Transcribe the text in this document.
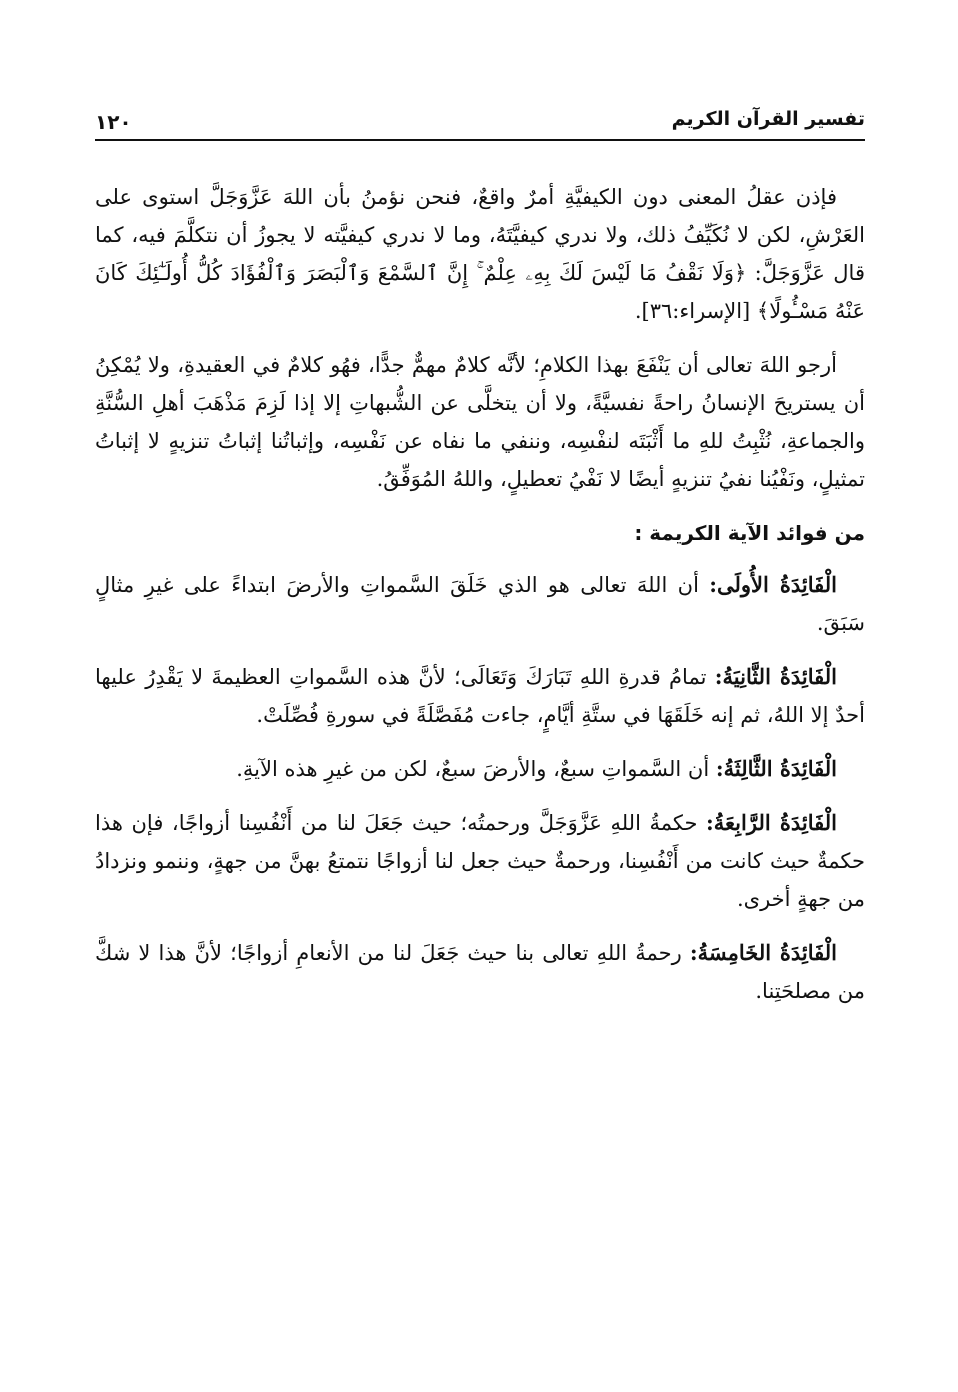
تفسير القرآن الكريم
١٢٠

فإذن عقلُ المعنى دون الكيفيَّةِ أمرٌ واقعٌ، فنحن نؤمنُ بأن اللهَ عَزَّوَجَلَّ استوى على العَرْشِ، لكن لا نُكَيِّفُ ذلك، ولا ندري كيفيَّتَهُ، وما لا ندري كيفيَّته لا يجوزُ أن نتكلَّمَ فيه، كما قال عَزَّوَجَلَّ: ﴿وَلَا نَقْفُ مَا لَيْسَ لَكَ بِهِۦ عِلْمٌ ۚ إِنَّ ٱلسَّمْعَ وَٱلْبَصَرَ وَٱلْفُؤَادَ كُلُّ أُولَـٰٓئِكَ كَانَ عَنْهُ مَسْـُٔولًا﴾ [الإسراء:٣٦].

أرجو اللهَ تعالى أن يَنْفَعَ بهذا الكلامِ؛ لأنَّه كلامٌ مهمٌّ جدًّا، فهُو كلامٌ في العقيدةِ، ولا يُمْكِنُ أن يستريحَ الإنسانُ راحةً نفسيَّةً، ولا أن يتخلَّى عن الشُّبهاتِ إلا إذا لَزِمَ مَذْهَبَ أهلِ السُّنَّةِ والجماعةِ، نُثْبِتُ للهِ ما أَثْبَتَه لنفْسِه، وننفي ما نفاه عن نَفْسِه، وإثباتُنا إثباتُ تنزيهٍ لا إثباتُ تمثيلٍ، ونَفْيُنا نفيُ تنزيهٍ أيضًا لا نَفْيُ تعطيلٍ، واللهُ المُوَفِّقُ.

من فوائد الآية الكريمة :

الْفَائِدَةُ الأُولَى: أن اللهَ تعالى هو الذي خَلَقَ السَّمواتِ والأرضَ ابتداءً على غيرِ مثالٍ سَبَقَ.

الْفَائِدَةُ الثَّانِيَةُ: تمامُ قدرةِ اللهِ تَبَارَكَ وَتَعَالَى؛ لأنَّ هذه السَّمواتِ العظيمةَ لا يَقْدِرُ عليها أحدٌ إلا اللهُ، ثم إنه خَلَقَهَا في ستَّةِ أيَّامٍ، جاءت مُفَصَّلَةً في سورةِ فُصِّلَتْ.

الْفَائِدَةُ الثَّالِثَةُ: أن السَّمواتِ سبعٌ، والأرضَ سبعٌ، لكن من غيرِ هذه الآيةِ.

الْفَائِدَةُ الرَّابِعَةُ: حكمةُ اللهِ عَزَّوَجَلَّ ورحمتُه؛ حيث جَعَلَ لنا من أَنْفُسِنا أزواجًا، فإن هذا حكمةٌ حيث كانت من أَنْفُسِنا، ورحمةٌ حيث جعل لنا أزواجًا نتمتعُ بهنَّ من جهةٍ، وننمو ونزدادُ من جهةٍ أخرى.

الْفَائِدَةُ الخَامِسَةُ: رحمةُ اللهِ تعالى بنا حيث جَعَلَ لنا من الأنعامِ أزواجًا؛ لأنَّ هذا لا شكَّ من مصلحَتِنا.
